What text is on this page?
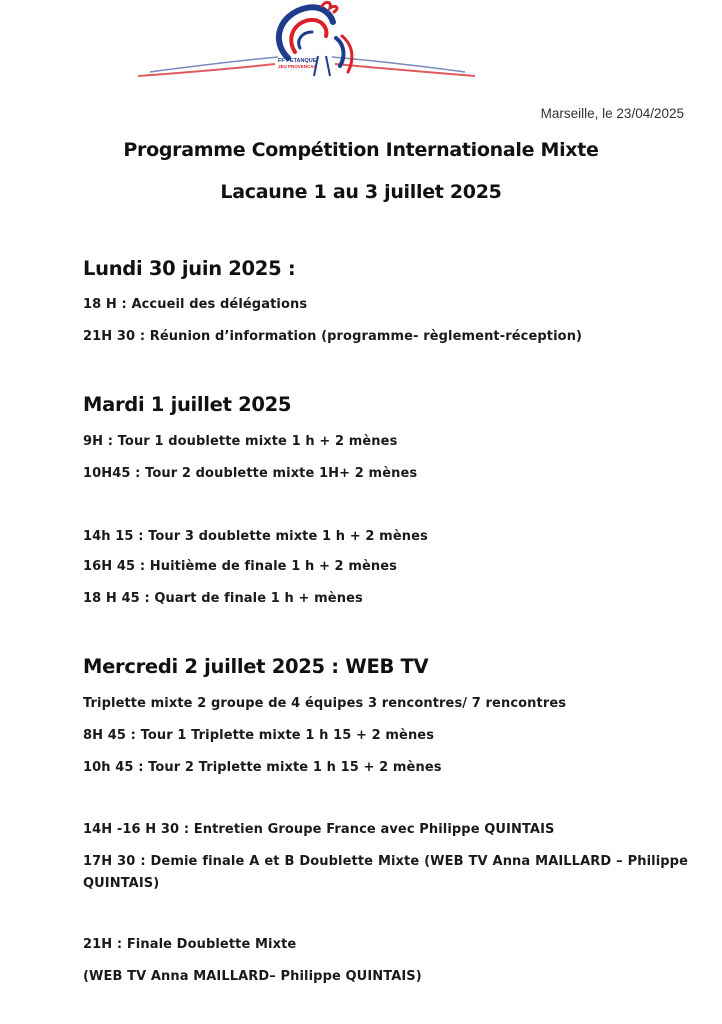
FF PETANQUE
JEU PROVENCAL
Marseille, le 23/04/2025
Programme Compétition Internationale Mixte
Lacaune 1 au 3 juillet 2025
Lundi 30 juin 2025 :
18 H : Accueil des délégations
21H 30 : Réunion d’information (programme- règlement-réception)
Mardi 1 juillet 2025
9H : Tour 1 doublette mixte 1 h + 2 mènes
10H45 : Tour 2 doublette mixte 1H+ 2 mènes
14h 15 : Tour 3 doublette mixte 1 h + 2 mènes
16H 45 : Huitième de finale 1 h + 2 mènes
18 H 45 : Quart de finale 1 h + mènes
Mercredi 2 juillet 2025 : WEB TV
Triplette mixte 2 groupe de 4 équipes 3 rencontres/ 7 rencontres
8H 45 : Tour 1 Triplette mixte 1 h 15 + 2 mènes
10h 45 : Tour 2 Triplette mixte 1 h 15 + 2 mènes
14H -16 H 30 : Entretien Groupe France avec Philippe QUINTAIS
17H 30 : Demie finale A et B Doublette Mixte (WEB TV Anna MAILLARD – Philippe QUINTAIS)
21H : Finale Doublette Mixte
(WEB TV Anna MAILLARD– Philippe QUINTAIS)
